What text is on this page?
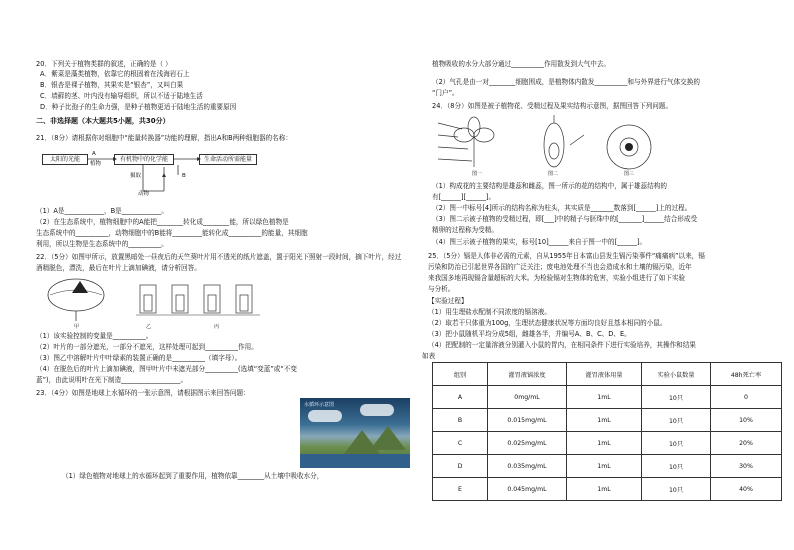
20．下列关于植物类群的叙述，正确的是（ ）
A．紫菜是藻类植物，依靠它的根固着在浅海岩石上
B．银杏是裸子植物，其果实是“银杏”，又叫白果
C．墙藓的茎、叶内没有输导组织，所以不适于陆地生活
D．种子比孢子的生命力强，是种子植物更适于陆地生活的重要原因
二、非选择题（本大题共5小题，共30分）
21．（8分）请根据你对细胞中“能量转换器”功能的理解，指出A和B两种细胞器的名称：
太阳的光能	有机物中的化学能	生命活动所需能量
A
植物
摄取
动物
B
（1）A是____________，B是____________。
（2）在生态系统中，植物细胞中的A能把________转化成________能，所以绿色植物是
生态系统中的__________，动物细胞中的B能将_________能转化成__________的能量，其细胞
利用，所以生物是生态系统中的__________。
22．（5分）如图甲所示，放置黑暗处一昼夜后的天竺葵叶片用不透光的纸片遮盖，置于阳光下照射一段时间，摘下叶片，经过
酒精脱色，漂洗，最后在叶片上滴加碘液，请分析回答。
甲	乙	丙
（1）该实验控制的变量是__________。
（2）叶片的一部分遮光，一部分不遮光，这样处理可起到__________作用。
（3）图乙中溶解叶片中叶绿素的装置正确的是__________（填字母）。
（4）在脱色后的叶片上滴加碘液，图甲叶片中未遮光部分__________(选填“变蓝”或“不变
蓝”)，由此说明叶在光下制造__________________。
23．（4分）如图是地球上水循环的一张示意图，请根据图示来回答问题：
水循环示意图
（1）绿色植物对地球上的水循环起到了重要作用，植物依靠________从土壤中吸收水分，
植物吸收的水分大部分通过__________作用散发到大气中去。
（2）气孔是由一对________细胞围成，是植物体内散发__________和与外界进行气体交换的
“门户”。
24．（8分）如图是被子植物花、受精过程及果实结构示意图，据图回答下列问题。
图一	图二	图三
（1）构成花的主要结构是雄蕊和雌蕊，图一所示的花的结构中，属于雄蕊结构的
有[______][______]。
（2）图一中标号[4]所示的结构名称为柱头，其实质是_______数落到[______]上的过程。
（3）图二示被子植物的受精过程，即[___]中的精子与胚珠中的[_______]______结合形成受
精卵的过程称为受精。
（4）图三示被子植物的果实，标号[10]______来自于图一中的[______]。
25．（5分）镉是人体非必需的元素，自从1955年日本富山县发生镉污染事件“痛痛病”以来，镉
污染和防治已引起世界各国的广泛关注；废电池处理不当也会造成水和土壤的镉污染，近年
来我国多地再现镉含量超标的大米。为检验镉对生物体的危害，实验小组进行了如下实验
与分析。
【实验过程】
（1）用生理盐水配制不同浓度的镉溶液。
（2）取若干只体重为100g，生理状态健康状况等方面均良好且基本相同的小鼠。
（3）把小鼠随机平均分成5组，雌雄各半，并编号A、B、C、D、E。
（4）把配制的一定量溶液分别灌入小鼠的胃内，在相同条件下进行实验培养，其操作和结果
如表
组别	灌胃液镉浓度	灌胃液体用量	实验小鼠数量	48h死亡率
A	0mg/mL	1mL	10只	0
B	0.015mg/mL	1mL	10只	10%
C	0.025mg/mL	1mL	10只	20%
D	0.035mg/mL	1mL	10只	30%
E	0.045mg/mL	1mL	10只	40%
